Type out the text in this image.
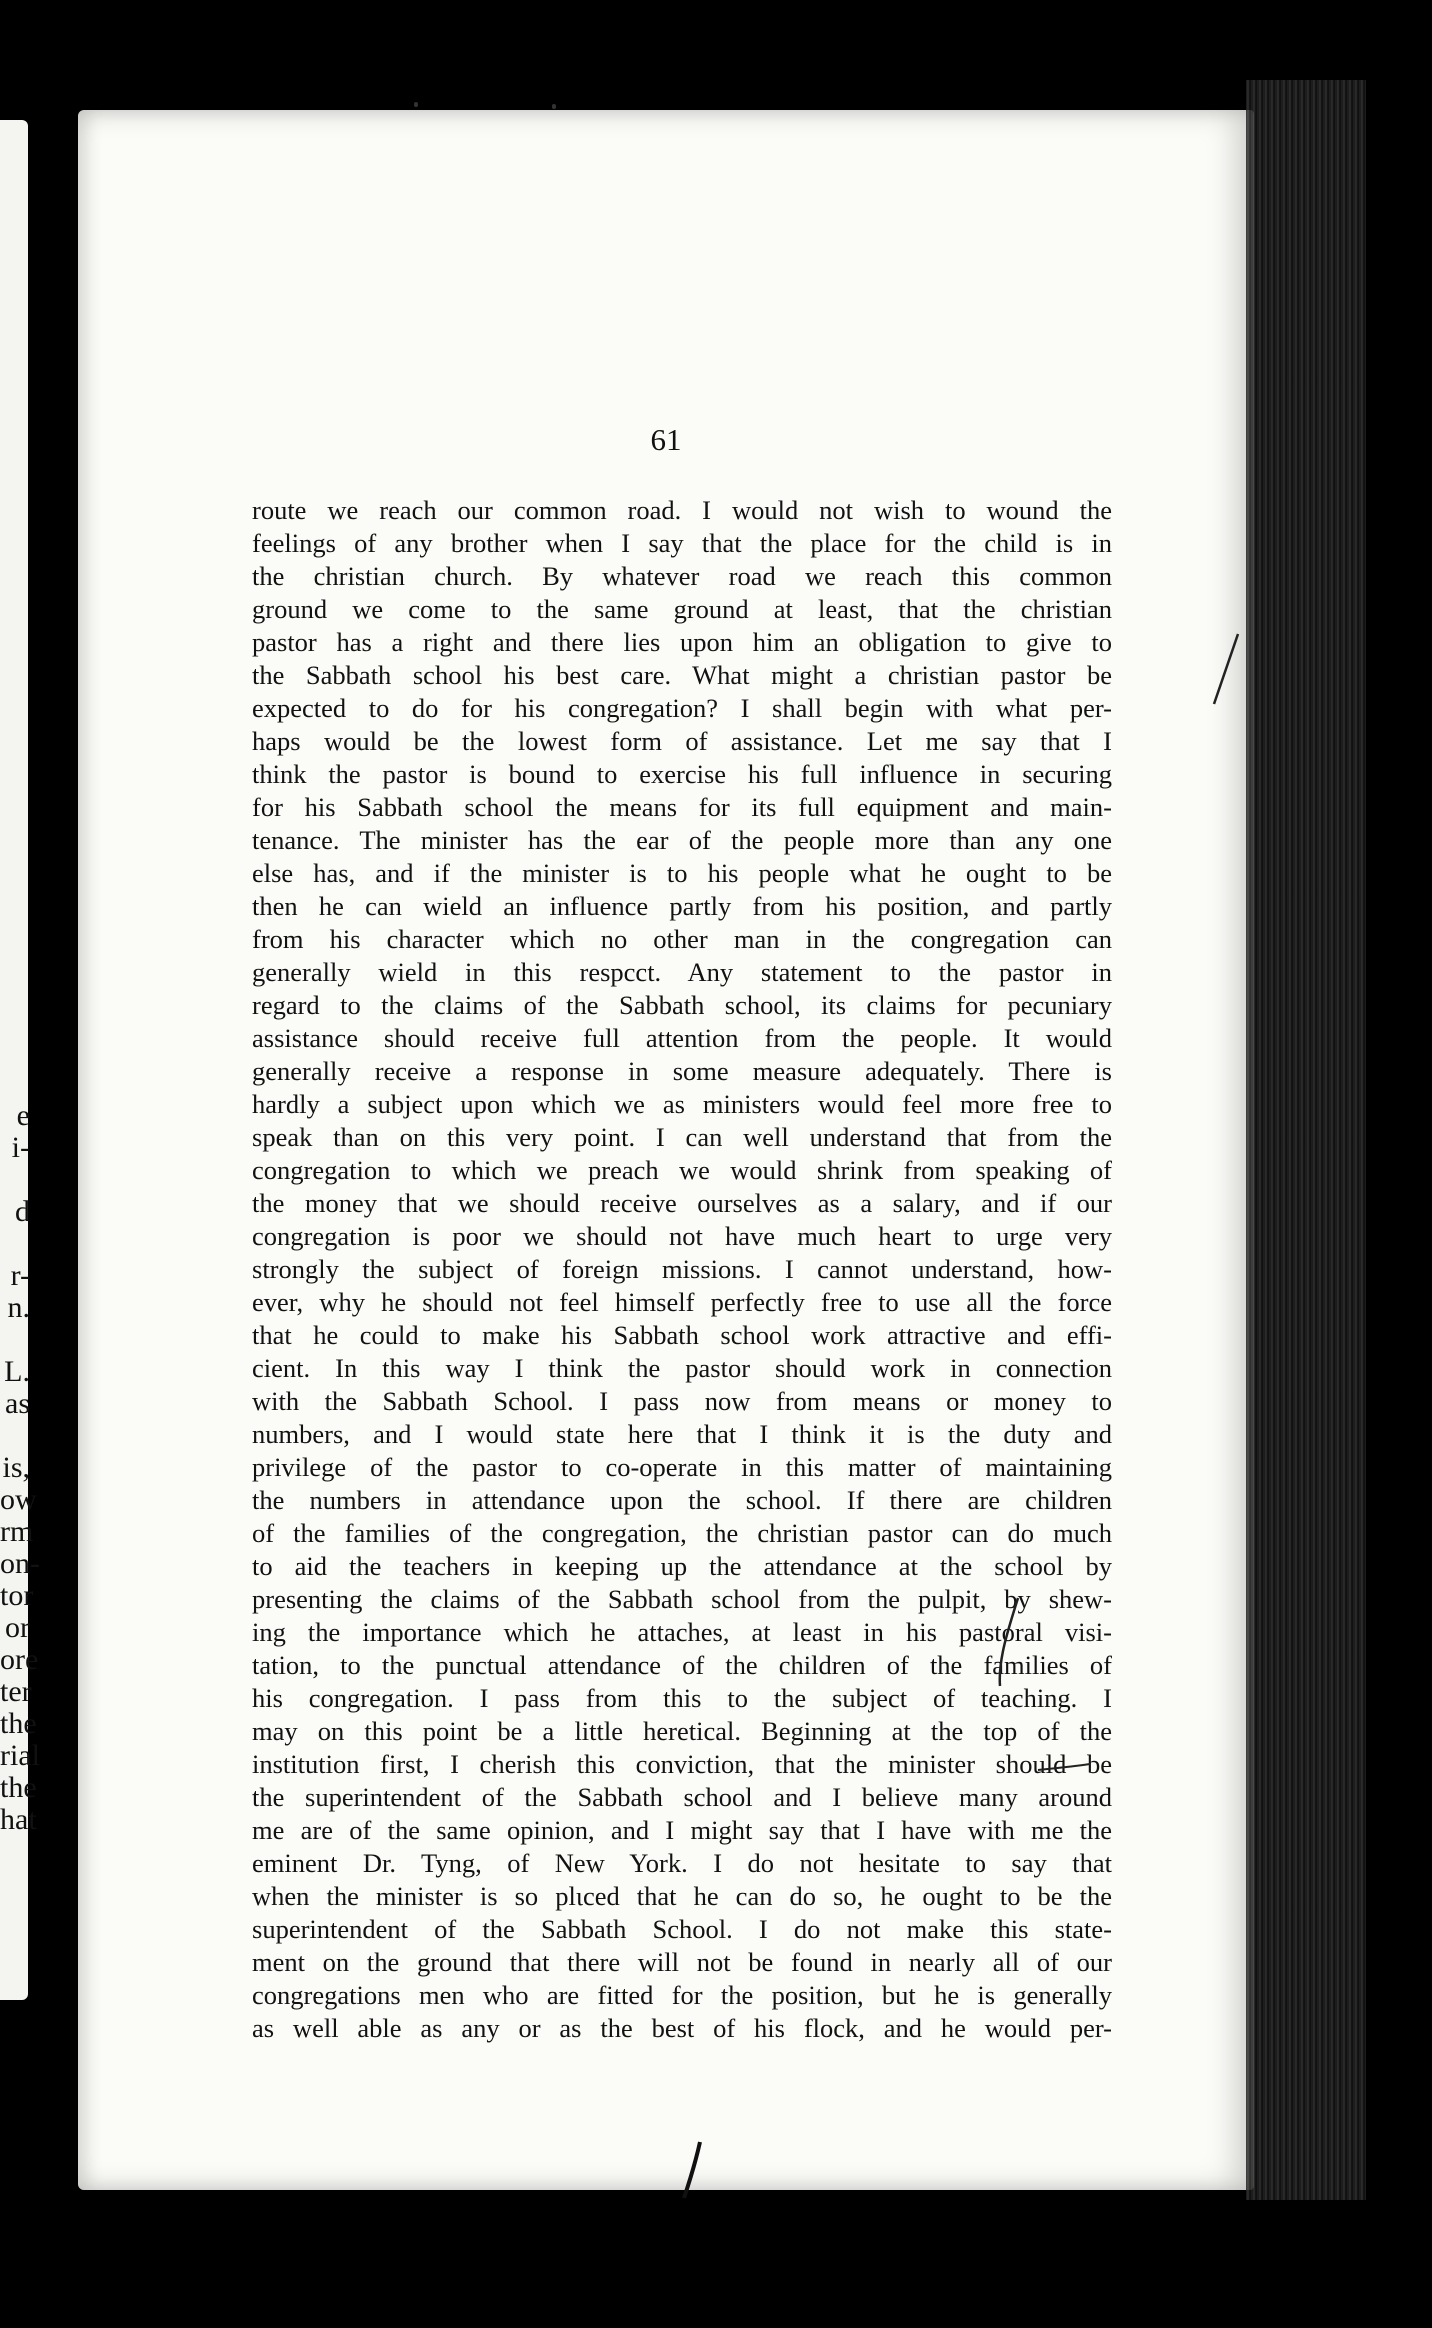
e
i-
d
r-
n.
L.
as
is,
ow
rm
on-
tor
or
ore
ter
the
rial
the
hat
61
route we reach our common road. I would not wish to wound the
feelings of any brother when I say that the place for the child is in
the christian church. By whatever road we reach this common
ground we come to the same ground at least, that the christian
pastor has a right and there lies upon him an obligation to give to
the Sabbath school his best care. What might a christian pastor be
expected to do for his congregation? I shall begin with what per-
haps would be the lowest form of assistance. Let me say that I
think the pastor is bound to exercise his full influence in securing
for his Sabbath school the means for its full equipment and main-
tenance. The minister has the ear of the people more than any one
else has, and if the minister is to his people what he ought to be
then he can wield an influence partly from his position, and partly
from his character which no other man in the congregation can
generally wield in this respcct. Any statement to the pastor in
regard to the claims of the Sabbath school, its claims for pecuniary
assistance should receive full attention from the people. It would
generally receive a response in some measure adequately. There is
hardly a subject upon which we as ministers would feel more free to
speak than on this very point. I can well understand that from the
congregation to which we preach we would shrink from speaking of
the money that we should receive ourselves as a salary, and if our
congregation is poor we should not have much heart to urge very
strongly the subject of foreign missions. I cannot understand, how-
ever, why he should not feel himself perfectly free to use all the force
that he could to make his Sabbath school work attractive and effi-
cient. In this way I think the pastor should work in connection
with the Sabbath School. I pass now from means or money to
numbers, and I would state here that I think it is the duty and
privilege of the pastor to co-operate in this matter of maintaining
the numbers in attendance upon the school. If there are children
of the families of the congregation, the christian pastor can do much
to aid the teachers in keeping up the attendance at the school by
presenting the claims of the Sabbath school from the pulpit, by shew-
ing the importance which he attaches, at least in his pastoral visi-
tation, to the punctual attendance of the children of the families of
his congregation. I pass from this to the subject of teaching. I
may on this point be a little heretical. Beginning at the top of the
institution first, I cherish this conviction, that the minister should be
the superintendent of the Sabbath school and I believe many around
me are of the same opinion, and I might say that I have with me the
eminent Dr. Tyng, of New York. I do not hesitate to say that
when the minister is so plιced that he can do so, he ought to be the
superintendent of the Sabbath School. I do not make this state-
ment on the ground that there will not be found in nearly all of our
congregations men who are fitted for the position, but he is generally
as well able as any or as the best of his flock, and he would per-
